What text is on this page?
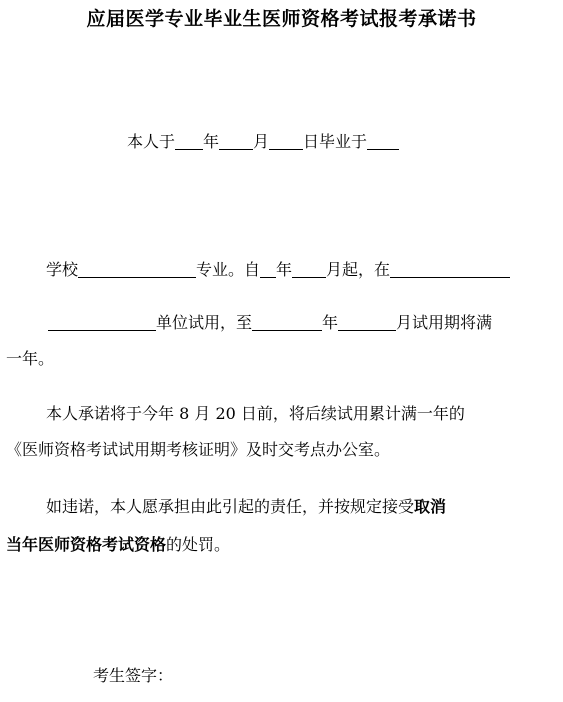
应届医学专业毕业生医师资格考试报考承诺书
本人于 年 月 日毕业于
学校	专业。自 年 月起，在
单位试用，至	年	月试用期将满
一年。
本人承诺将于今年 8 月 20 日前，将后续试用累计满一年的
《医师资格考试试用期考核证明》及时交考点办公室。
如违诺，本人愿承担由此引起的责任，并按规定接受取消
当年医师资格考试资格的处罚。
考生签字：
